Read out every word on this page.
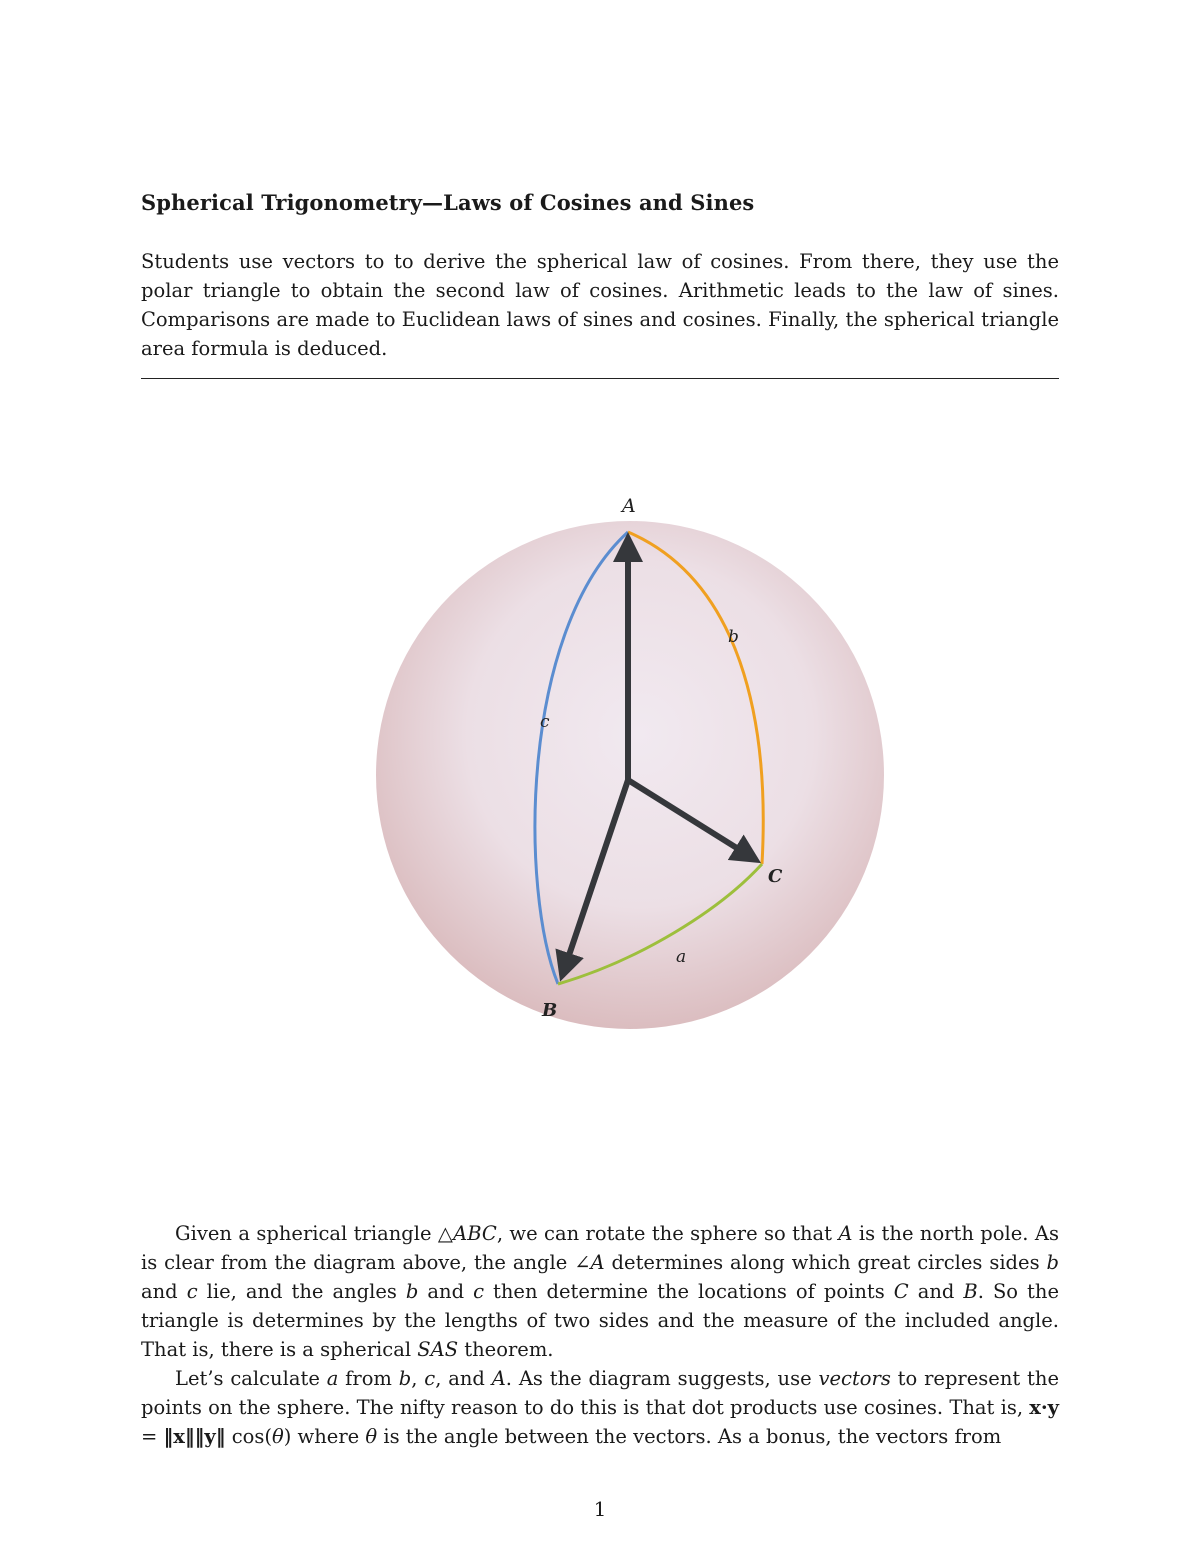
Spherical Trigonometry—Laws of Cosines and Sines
Students use vectors to to derive the spherical law of cosines. From there, they use the polar triangle to obtain the second law of cosines. Arithmetic leads to the law of sines. Comparisons are made to Euclidean laws of sines and cosines. Finally, the spherical triangle area formula is deduced.
A
B
C
a
b
c

Given a spherical triangle △ABC, we can rotate the sphere so that A is the north pole. As is clear from the diagram above, the angle ∠A determines along which great circles sides b and c lie, and the angles b and c then determine the locations of points C and B. So the triangle is determines by the lengths of two sides and the measure of the included angle. That is, there is a spherical SAS theorem.

Let’s calculate a from b, c, and A. As the diagram suggests, use vectors to represent the points on the sphere. The nifty reason to do this is that dot products use cosines. That is, x·y = ‖x‖‖y‖ cos(θ) where θ is the angle between the vectors. As a bonus, the vectors from

1
